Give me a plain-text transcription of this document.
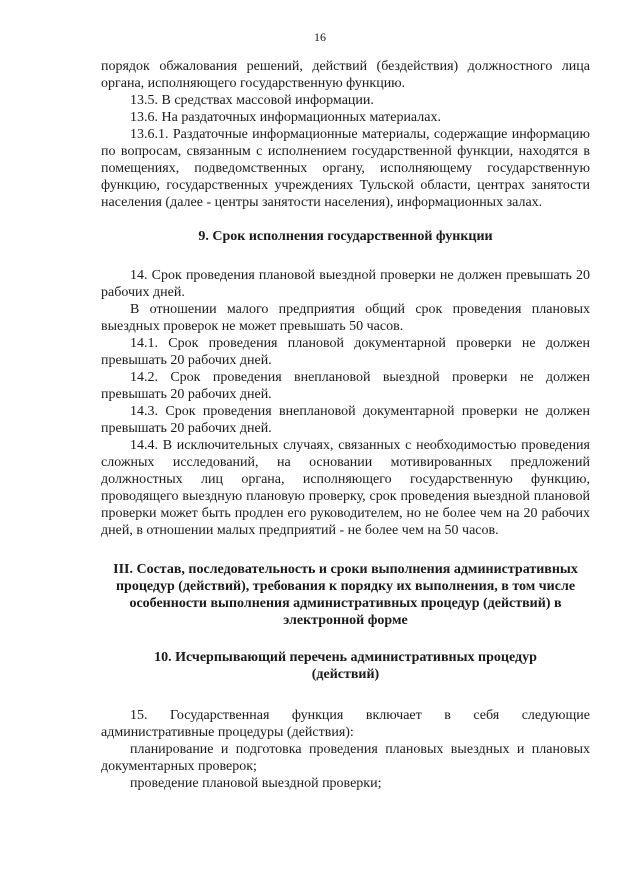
16

порядок обжалования решений, действий (бездействия) должностного лица органа, исполняющего государственную функцию.

13.5. В средствах массовой информации.

13.6. На раздаточных информационных материалах.

13.6.1. Раздаточные информационные материалы, содержащие информацию по вопросам, связанным с исполнением государственной функции, находятся в помещениях, подведомственных органу, исполняющему государственную функцию, государственных учреждениях Тульской области, центрах занятости населения (далее - центры занятости населения), информационных залах.

9. Срок исполнения государственной функции

14. Срок проведения плановой выездной проверки не должен превышать 20 рабочих дней.

В отношении малого предприятия общий срок проведения плановых выездных проверок не может превышать 50 часов.

14.1. Срок проведения плановой документарной проверки не должен превышать 20 рабочих дней.

14.2. Срок проведения внеплановой выездной проверки не должен превышать 20 рабочих дней.

14.3. Срок проведения внеплановой документарной проверки не должен превышать 20 рабочих дней.

14.4. В исключительных случаях, связанных с необходимостью проведения сложных исследований, на основании мотивированных предложений должностных лиц органа, исполняющего государственную функцию, проводящего выездную плановую проверку, срок проведения выездной плановой проверки может быть продлен его руководителем, но не более чем на 20 рабочих дней, в отношении малых предприятий - не более чем на 50 часов.

III. Состав, последовательность и сроки выполнения административных процедур (действий), требования к порядку их выполнения, в том числе особенности выполнения административных процедур (действий) в электронной форме
10. Исчерпывающий перечень административных процедур (действий)

15. Государственная функция включает в себя следующие административные процедуры (действия):

планирование и подготовка проведения плановых выездных и плановых документарных проверок;

проведение плановой выездной проверки;
